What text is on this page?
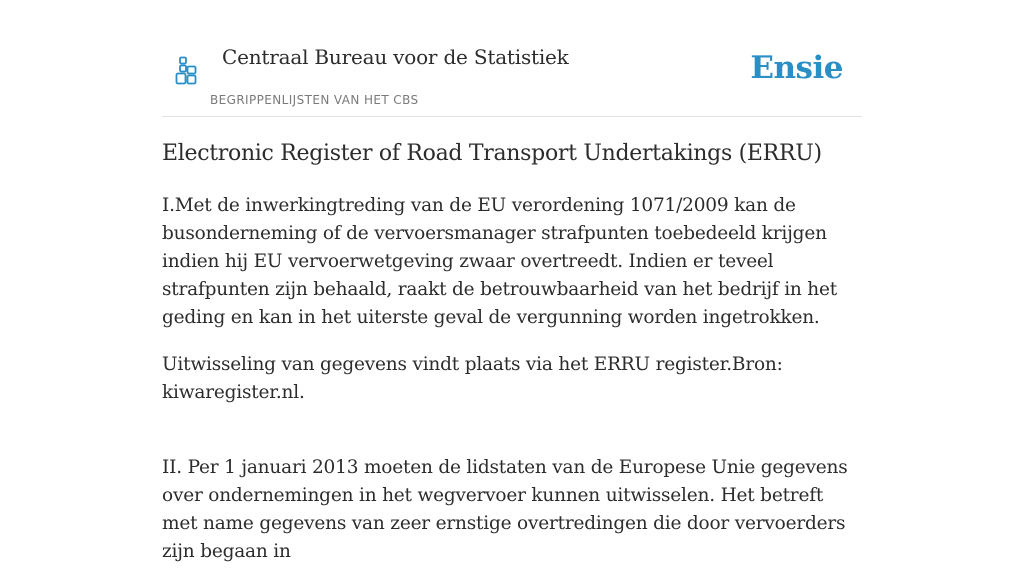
Centraal Bureau voor de Statistiek
BEGRIPPENLIJSTEN VAN HET CBS
Ensie
Electronic Register of Road Transport Undertakings (ERRU)

I.Met de inwerkingtreding van de EU verordening 1071/2009 kan de busonderneming of de vervoersmanager strafpunten toebedeeld krijgen indien hij EU vervoerwetgeving zwaar overtreedt. Indien er teveel strafpunten zijn behaald, raakt de betrouwbaarheid van het bedrijf in het geding en kan in het uiterste geval de vergunning worden ingetrokken.

Uitwisseling van gegevens vindt plaats via het ERRU register.Bron: kiwaregister.nl.

II. Per 1 januari 2013 moeten de lidstaten van de Europese Unie gegevens over ondernemingen in het wegvervoer kunnen uitwisselen. Het betreft met name gegevens van zeer ernstige overtredingen die door vervoerders zijn begaan in
